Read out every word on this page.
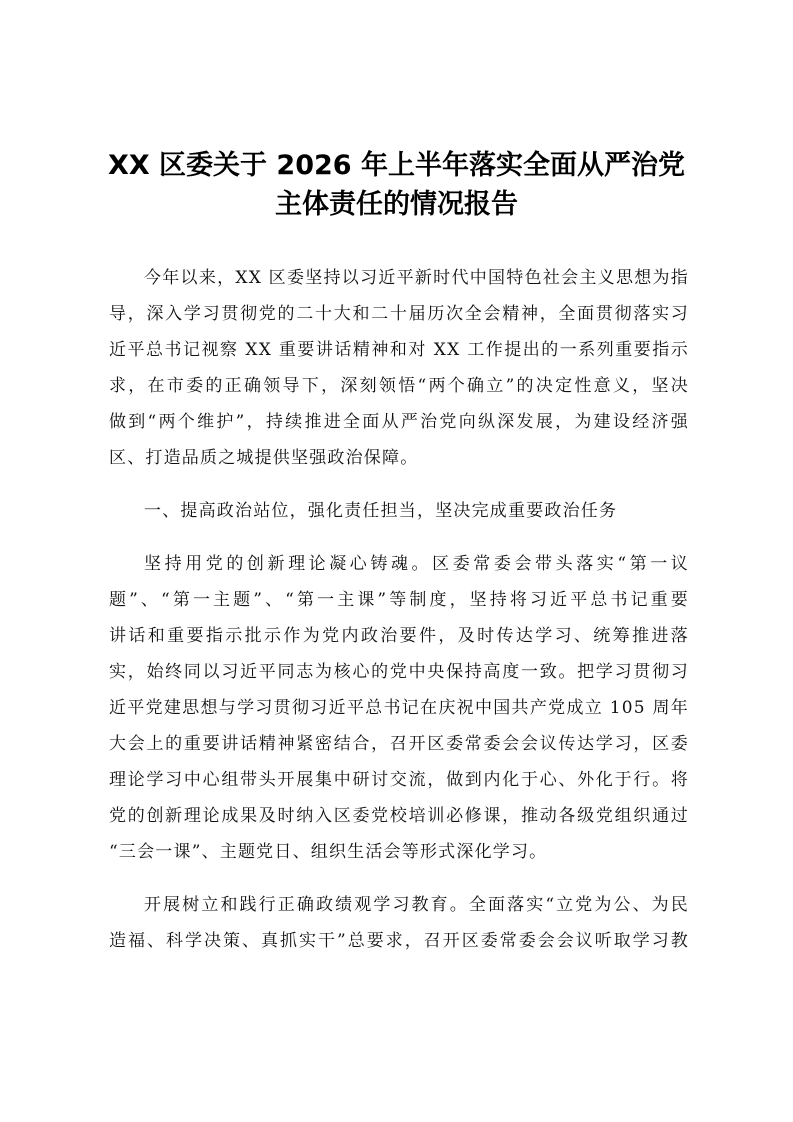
XX 区委关于 2026 年上半年落实全面从严治党
主体责任的情况报告
今年以来，XX 区委坚持以习近平新时代中国特色社会主义思想为指
导，深入学习贯彻党的二十大和二十届历次全会精神，全面贯彻落实习
近平总书记视察 XX 重要讲话精神和对 XX 工作提出的一系列重要指示
求，在市委的正确领导下，深刻领悟“两个确立”的决定性意义，坚决
做到“两个维护”，持续推进全面从严治党向纵深发展，为建设经济强
区、打造品质之城提供坚强政治保障。
一、提高政治站位，强化责任担当，坚决完成重要政治任务
坚持用党的创新理论凝心铸魂。区委常委会带头落实“第一议
题”、“第一主题”、“第一主课”等制度，坚持将习近平总书记重要
讲话和重要指示批示作为党内政治要件，及时传达学习、统筹推进落
实，始终同以习近平同志为核心的党中央保持高度一致。把学习贯彻习
近平党建思想与学习贯彻习近平总书记在庆祝中国共产党成立 105 周年
大会上的重要讲话精神紧密结合，召开区委常委会会议传达学习，区委
理论学习中心组带头开展集中研讨交流，做到内化于心、外化于行。将
党的创新理论成果及时纳入区委党校培训必修课，推动各级党组织通过
“三会一课”、主题党日、组织生活会等形式深化学习。
开展树立和践行正确政绩观学习教育。全面落实“立党为公、为民
造福、科学决策、真抓实干”总要求，召开区委常委会会议听取学习教
